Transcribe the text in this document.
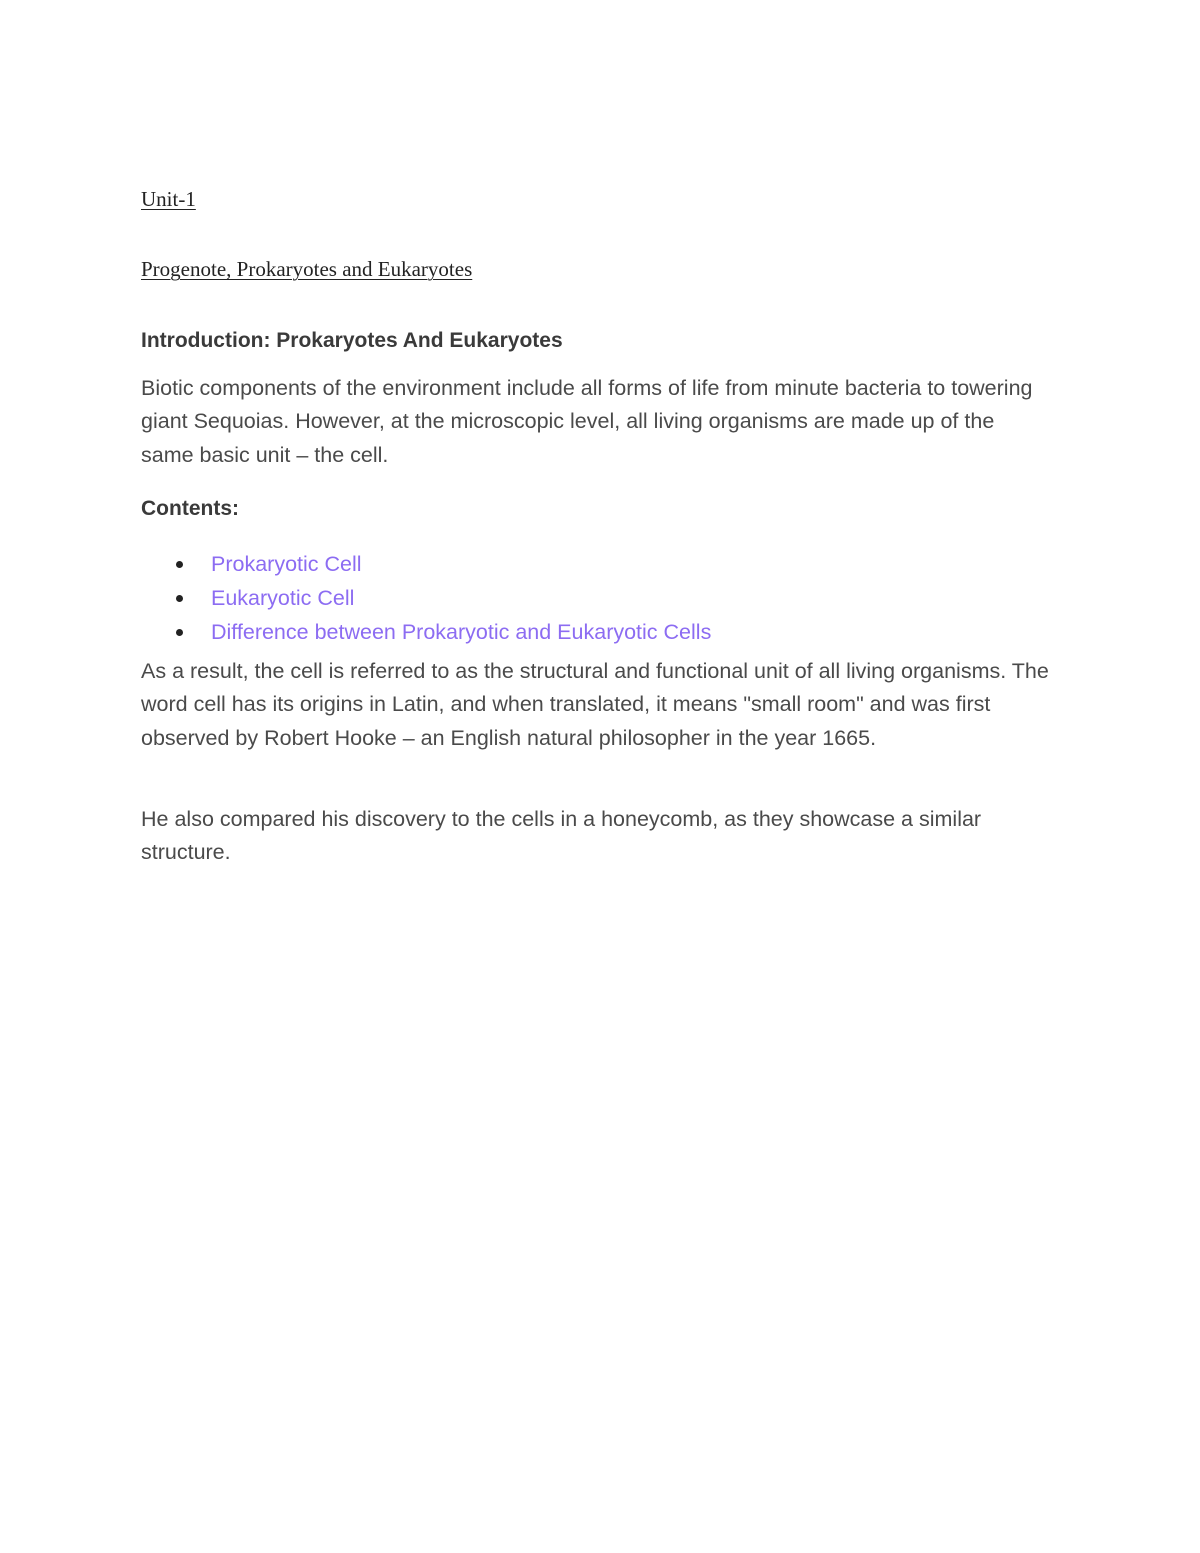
Unit-1

Progenote, Prokaryotes and Eukaryotes

Introduction: Prokaryotes And Eukaryotes

Biotic components of the environment include all forms of life from minute bacteria to towering giant Sequoias. However, at the microscopic level, all living organisms are made up of the same basic unit – the cell.

Contents:
Prokaryotic Cell
Eukaryotic Cell
Difference between Prokaryotic and Eukaryotic Cells

As a result, the cell is referred to as the structural and functional unit of all living organisms. The word cell has its origins in Latin, and when translated, it means "small room" and was first observed by Robert Hooke – an English natural philosopher in the year 1665.

He also compared his discovery to the cells in a honeycomb, as they showcase a similar structure.
